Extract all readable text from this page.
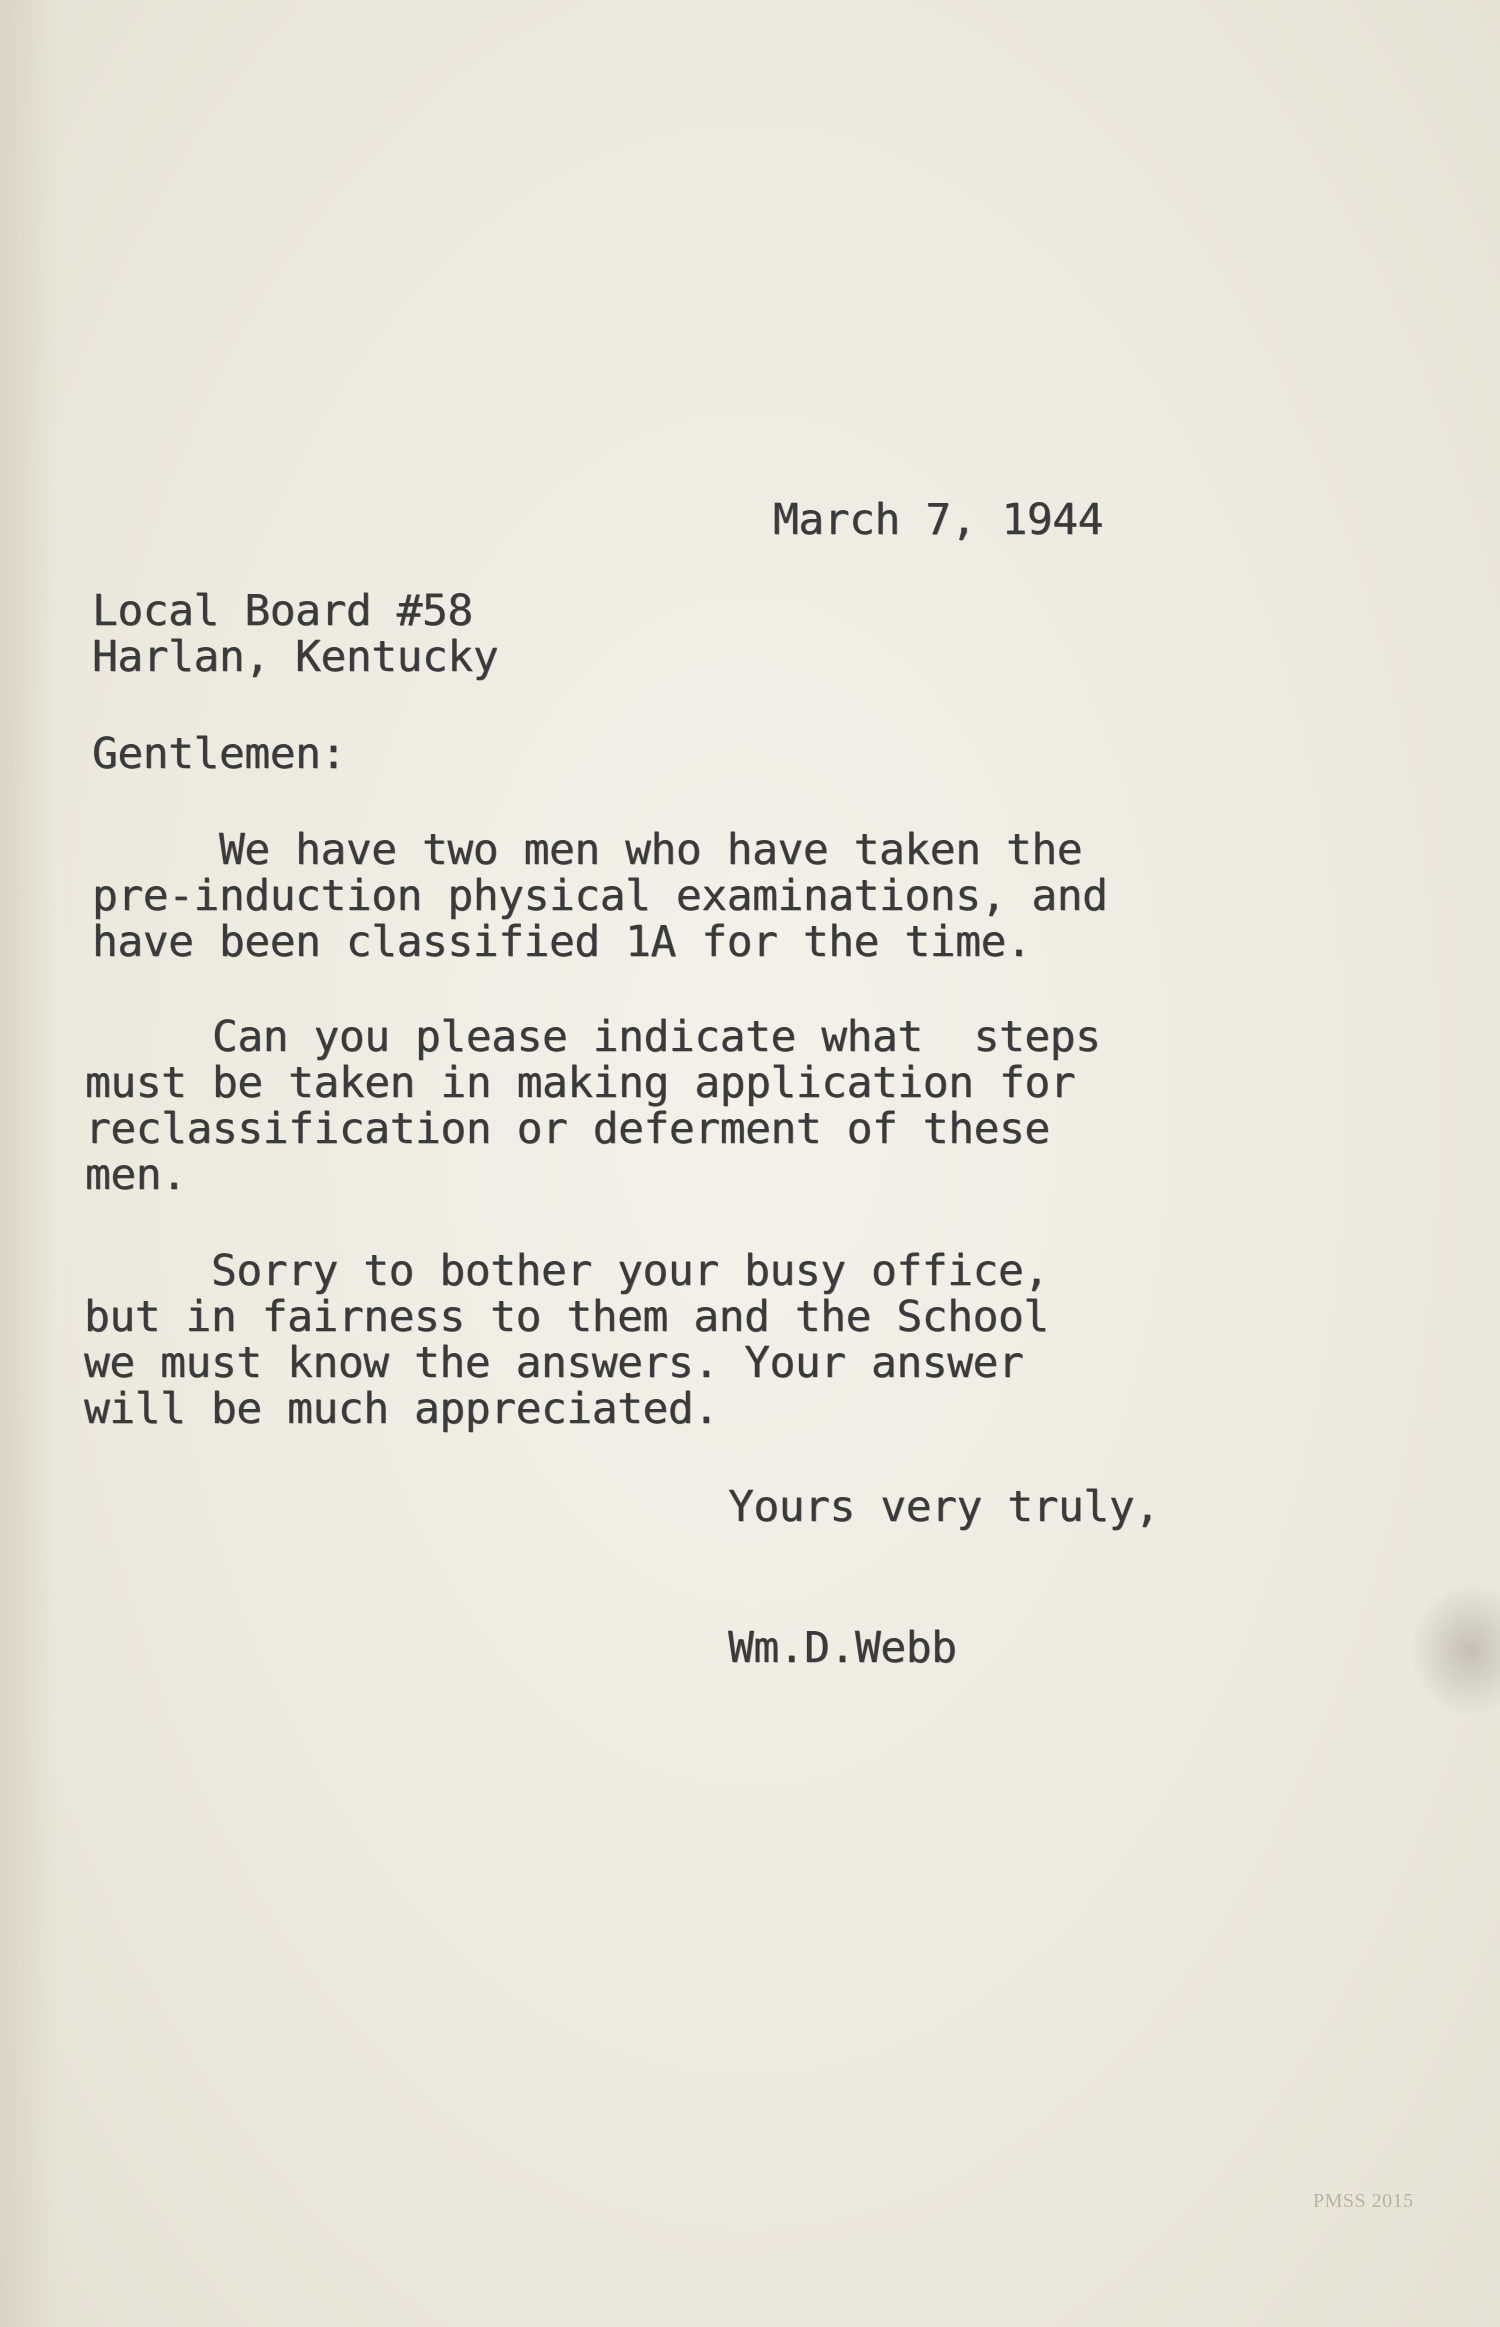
March 7, 1944
Local Board #58
Harlan, Kentucky
Gentlemen:
We have two men who have taken the
pre-induction physical examinations, and
have been classified 1A for the time.
Can you please indicate what  steps
must be taken in making application for
reclassification or deferment of these
men.
Sorry to bother your busy office,
but in fairness to them and the School
we must know the answers. Your answer
will be much appreciated.
Yours very truly,
Wm.D.Webb
PMSS 2015
